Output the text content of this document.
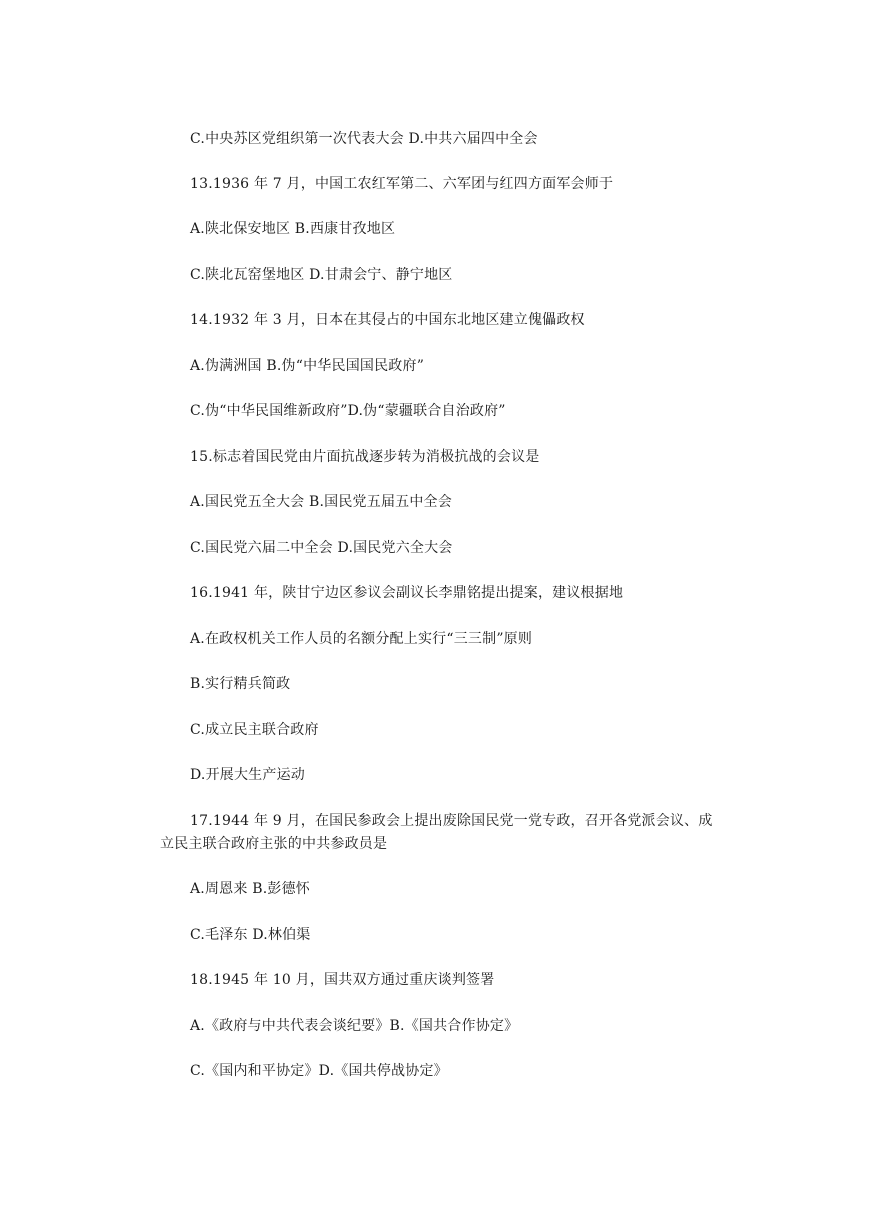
C.中央苏区党组织第一次代表大会 D.中共六届四中全会
13.1936 年 7 月，中国工农红军第二、六军团与红四方面军会师于
A.陕北保安地区 B.西康甘孜地区
C.陕北瓦窑堡地区 D.甘肃会宁、静宁地区
14.1932 年 3 月，日本在其侵占的中国东北地区建立傀儡政权
A.伪满洲国 B.伪“中华民国国民政府”
C.伪“中华民国维新政府”D.伪“蒙疆联合自治政府”
15.标志着国民党由片面抗战逐步转为消极抗战的会议是
A.国民党五全大会 B.国民党五届五中全会
C.国民党六届二中全会 D.国民党六全大会
16.1941 年，陕甘宁边区参议会副议长李鼎铭提出提案，建议根据地
A.在政权机关工作人员的名额分配上实行“三三制”原则
B.实行精兵简政
C.成立民主联合政府
D.开展大生产运动
17.1944 年 9 月，在国民参政会上提出废除国民党一党专政，召开各党派会议、成
立民主联合政府主张的中共参政员是
A.周恩来 B.彭德怀
C.毛泽东 D.林伯渠
18.1945 年 10 月，国共双方通过重庆谈判签署
A.《政府与中共代表会谈纪要》B.《国共合作协定》
C.《国内和平协定》D.《国共停战协定》
